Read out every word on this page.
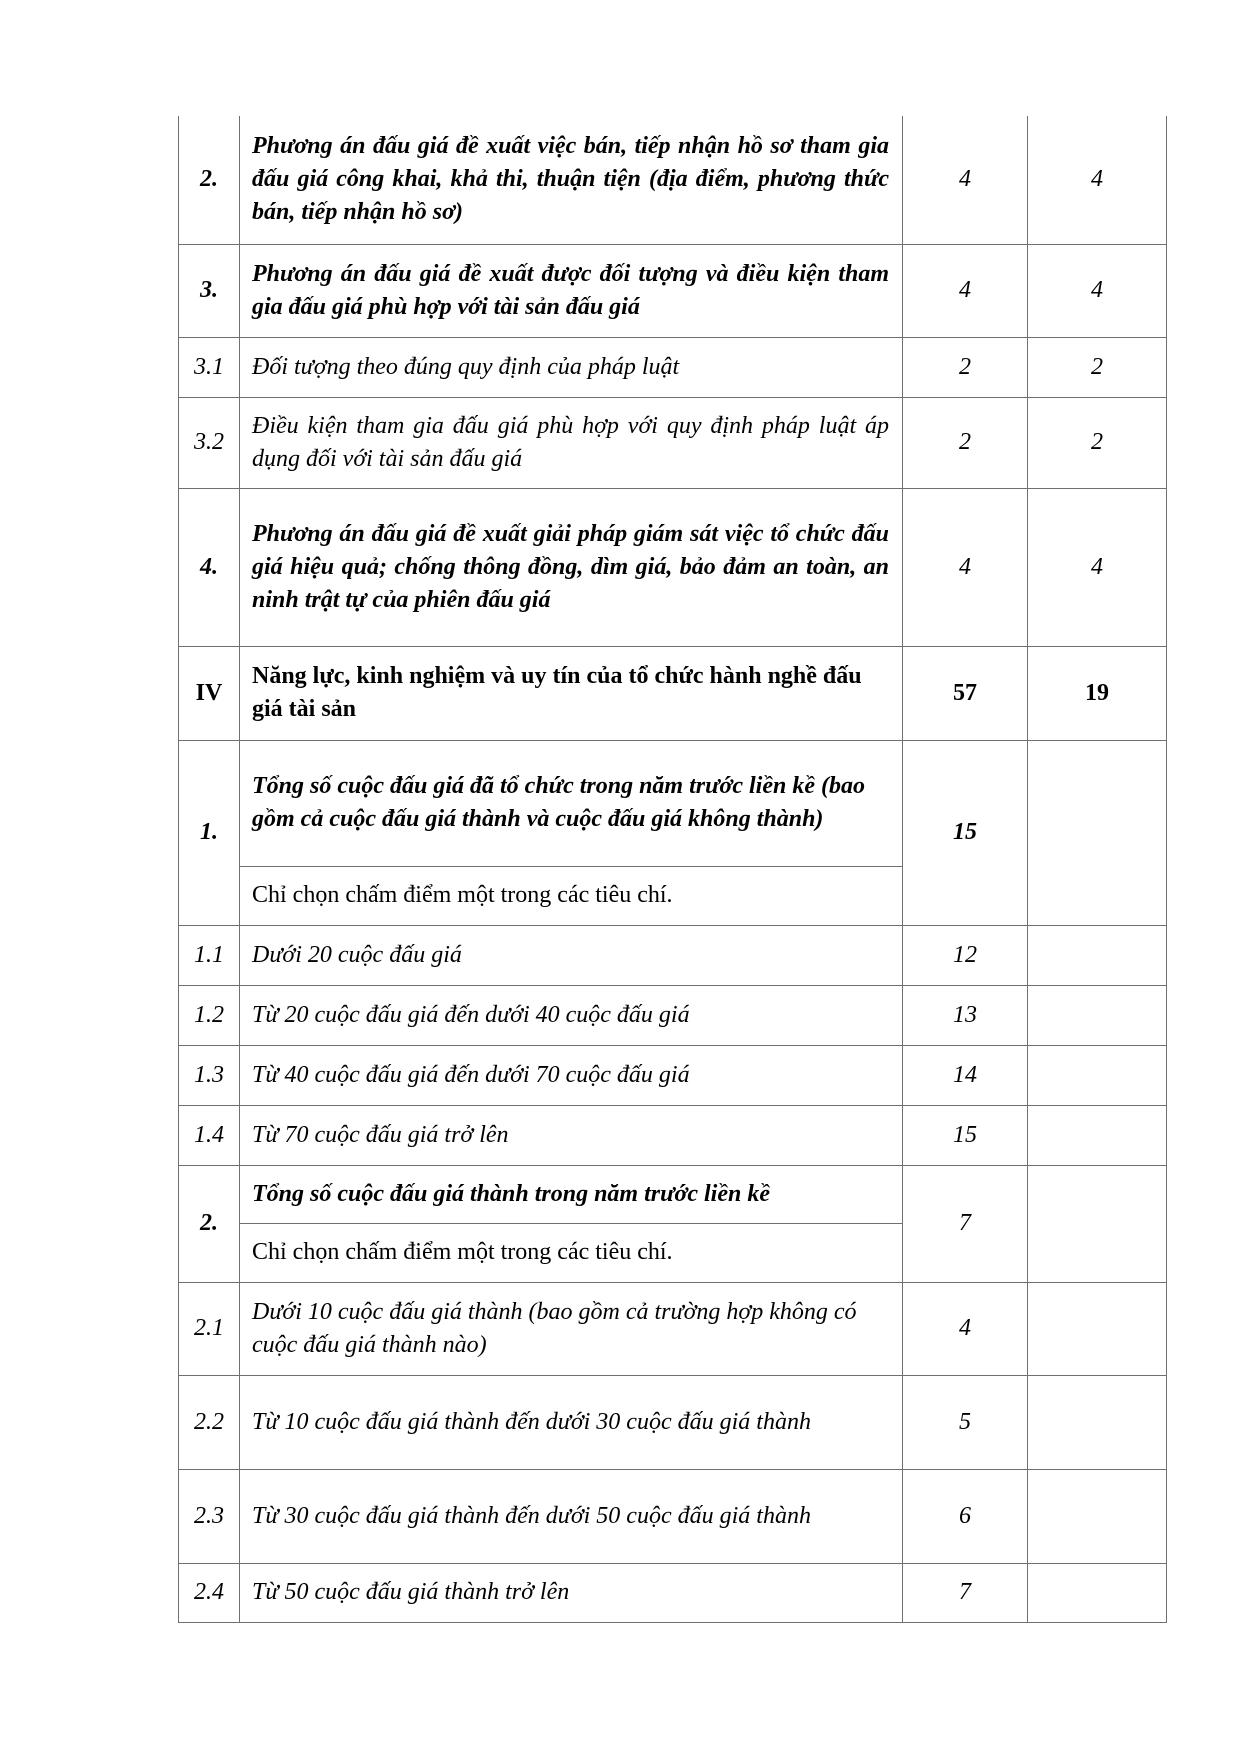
2.	Phương án đấu giá đề xuất việc bán, tiếp nhận hồ sơ tham gia đấu giá công khai, khả thi, thuận tiện (địa điểm, phương thức bán, tiếp nhận hồ sơ)	4	4
3.	Phương án đấu giá đề xuất được đối tượng và điều kiện tham gia đấu giá phù hợp với tài sản đấu giá	4	4
3.1	Đối tượng theo đúng quy định của pháp luật	2	2
3.2	Điều kiện tham gia đấu giá phù hợp với quy định pháp luật áp dụng đối với tài sản đấu giá	2	2
4.	Phương án đấu giá đề xuất giải pháp giám sát việc tổ chức đấu giá hiệu quả; chống thông đồng, dìm giá, bảo đảm an toàn, an ninh trật tự của phiên đấu giá	4	4
IV	Năng lực, kinh nghiệm và uy tín của tổ chức hành nghề đấu giá tài sản	57	19
1.	Tổng số cuộc đấu giá đã tổ chức trong năm trước liền kề (bao gồm cả cuộc đấu giá thành và cuộc đấu giá không thành)	15	
	Chỉ chọn chấm điểm một trong các tiêu chí.		
1.1	Dưới 20 cuộc đấu giá	12	
1.2	Từ 20 cuộc đấu giá đến dưới 40 cuộc đấu giá	13	
1.3	Từ 40 cuộc đấu giá đến dưới 70 cuộc đấu giá	14	
1.4	Từ 70 cuộc đấu giá trở lên	15	
2.	Tổng số cuộc đấu giá thành trong năm trước liền kề	7	
	Chỉ chọn chấm điểm một trong các tiêu chí.		
2.1	Dưới 10 cuộc đấu giá thành (bao gồm cả trường hợp không có cuộc đấu giá thành nào)	4	
2.2	Từ 10 cuộc đấu giá thành đến dưới 30 cuộc đấu giá thành	5	
2.3	Từ 30 cuộc đấu giá thành đến dưới 50 cuộc đấu giá thành	6	
2.4	Từ 50 cuộc đấu giá thành trở lên	7	
